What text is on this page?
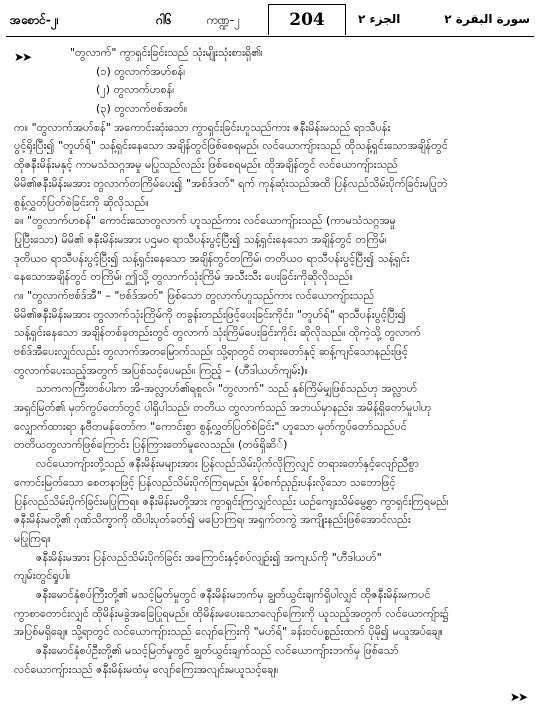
အစောင်-၂၊	ဂါ၆	ကဏ္ဍ-၂	204	الجزء ٢	سورة البقرة ٢
➤➤	"တွလာက်" ကွာရှင်းခြင်းသည် သုံးမျိုးသုံးစားရှိ၏၊
(၁) တွလာက်အဟ်စန်၊
(၂) တွလာက်ဟစန်၊
(၃) တွလာက်ဗစ်အတ်။
က။ "တွလာက်အဟ်စန်" အကောင်းဆုံးသော ကွာရှင်းခြင်းဟူသည်ကား ဇနီးမိန်းမသည် ရာသီပန်း
ပွင့်ရိုးပြီး၍ "တူဟ်ရ်" သန့်ရှင်းနေသော အချိန်တွင်ဖြစ်စေရမည်၊ လင်ယောကျ်ားသည် ထိုသန့်ရှင်းသောအချိန်တွင်
ထိုဇနီးမိန်းမနှင့် ကာမသံသဂ္ဂအမှု မပြုသည်လည်း ဖြစ်စေရမည်။ ထိုအချိန်တွင် လင်ယောကျ်ားသည်
မိမိ၏ဇနီးမိန်းမအား တွလာက်တကြိမ်ပေး၍ "အစ်ဒ်ဒတ်" ရက် ကုန်ဆုံးသည်အထိ ပြန်လည်သိမ်းပိုက်ခြင်းမပြုဘဲ
စွန့်လွှတ်ပြတ်စဲခြင်းကို ဆိုလိုသည်။
ခ။ "တွလာက်ဟစန်" ကောင်းသောတွလာက် ဟူသည်ကား လင်ယောကျ်ားသည် (ကာမသံသဂ္ဂအမှု
ပြုပြီးသော) မိမိ၏ ဇနီးမိန်းမအား ပဌမဝ ရာသီပန်းပွင့်ပြီး၍ သန့်ရှင်းနေသော အချိန်တွင် တကြိမ်၊
ဒုတိယဝ ရာသီပန်းပွင့်ပြီး၍ သန့်ရှင်းနေသော အချိန်တွင်တကြိမ်၊ တတိယဝ ရာသီပန်းပွင့်ပြီး၍ သန့်ရှင်း
နေသောအချိန်တွင် တကြိမ်၊ ဤသို့ တွလာက်သုံးကြိမ် အသီးသီး ပေးခြင်းကိုဆိုလိုသည်။
ဂ။ "တွလာက်ဗစ်ဒ်အီ" – "ဗစ်ဒ်အတ်" ဖြစ်သော တွလာက်ဟူသည်ကား လင်ယောကျ်ားသည်
မိမိ၏ဇနီးမိန်းမအား တွလာက်သုံးကြိမ်ကို တခွန်းတည်းဖြင့်ပေးခြင်းကိုင်း၊ "တူဟ်ရ်" ရာသီပန်းပွင့်ပြီး၍
သန့်ရှင်းနေသော အချိန်တစ်ခုတည်းတွင် တွလာက် သုံးကြိမ်ပေးခြင်းကိုင်း ဆိုလိုသည်။ ထိုကဲ့သို့ တွလာက်
ဗစ်ဒ်အီပေးလျှင်လည်း တွလာက်အတမြောက်သည်၊ သို့ရာတွင် တရားတော်နှင့် ဆန့်ကျင်သောနည်းဖြင့်
တွလာက်ပေးသည့်အတွက် အပြစ်သင့်ပေမည်။ ကြည့် – (ဟီဒါယဟ်ကျမ်း)။
သာကကကြီးတစ်ပါးက အိ-အလ္လာဟ်၏ရစူလ်၊ "တွလာက်" သည် နှစ်ကြိမ်မျှဖြစ်သည်ဟု အလ္လာဟ်
အရှင်မြတ်၏ မှတ်ကွပ်တော်တွင် ပါရှိပါသည်၊ တတိယ တွလာက်သည် အဘယ်မှာနည်း၊ အမိန့်ရှိတော်မူပါဟု
လျှောက်ထားရာ နဗီတမန်တော်က "ကောင်းစွာ စွန့်လွှတ်ပြတ်စဲခြင်း" ဟူသော မှတ်ကွပ်တော်သည်ပင်
တတိယတွလာက်ဖြစ်ကြောင်း ပြန်ကြားတော်မူလေသည်။ (တဖ်ရှိဆိ်)
လင်ယောကျ်ားတို့သည် ဇနီးမိန်းမများအား ပြန်လည်သိမ်းပိုက်လိုကြလျှင် တရားတော်နှင့်လျော်ညီစွာ
ကောင်းမြတ်သော စေတနာဖြင့် ပြန်လည်သိမ်းပိုက်ကြရမည်။ နှိပ်စက်ညှဉ်းပန်းလိုသော သဘောဖြင့်
ပြန်လည်သိမ်းပိုက်ခြင်းမပြုကြရ။ ဇနီးမိန်းမတို့အား ကွာရှင်းကြလျှင်လည်း ယဉ်ကျေးသိမ်မွေ့စွာ ကွာရှင်းကြရမည်၊
ဇနီးမိန်းမတို့၏ ဂုဏ်သိက္ခာကို ထိပါးပုတ်ခတ်၍ မပြောကြရ၊ အရှက်တကွဲ အကျိုးနည်းဖြစ်အောင်လည်း
မပြုကြရ။
ဇနီးမိန်းမအား ပြန်လည်သိမ်းပိုက်ခြင်း အကြောင်းနှင့်စပ်လျဉ်း၍ အကျယ်ကို "ဟီဒါယဟ်"
ကျမ်းတွင်ရှုပါ။
ဇနီးမောင်နှံစပ်ကြီးတို့၏ မသင့်မြတ်မှုတွင် ဇနီးမိန်းမဘက်မှ ချွတ်ယွင်းချက်ရှိပါလျှင် ထိုဇနီးမိန်းမကပင်
ကွာစာတောင်းလျှင် ထိုမိန်းမခွဲအခြေပြုရမည်။ ထိုမိန်းမပေးသောလျော်ကြေးကို ယူသည့်အတွက် လင်ယောကျ်ား၌
အပြစ်မရှိချေ။ သို့ရာတွင် လင်ယောကျ်ားသည် လျော်ကြေးကို "မဟ်ရ်" ခန်းဝင်ပစ္စည်းထက် ပိုမို၍ မယူအပ်ချေ။
ဇနီးမောင်နှံစပ်ဦးတို့၏ မသင့်မြတ်မှုတွင် ချွတ်ယွင်းချက်သည် လင်ယောကျ်ားဘက်မှ ဖြစ်သော်
လင်ယောကျ်ားသည် ဇနီးမိန်းမထံမှ လျော်ကြေးအလျင်းမယူသင့်ချေ။
➤➤
